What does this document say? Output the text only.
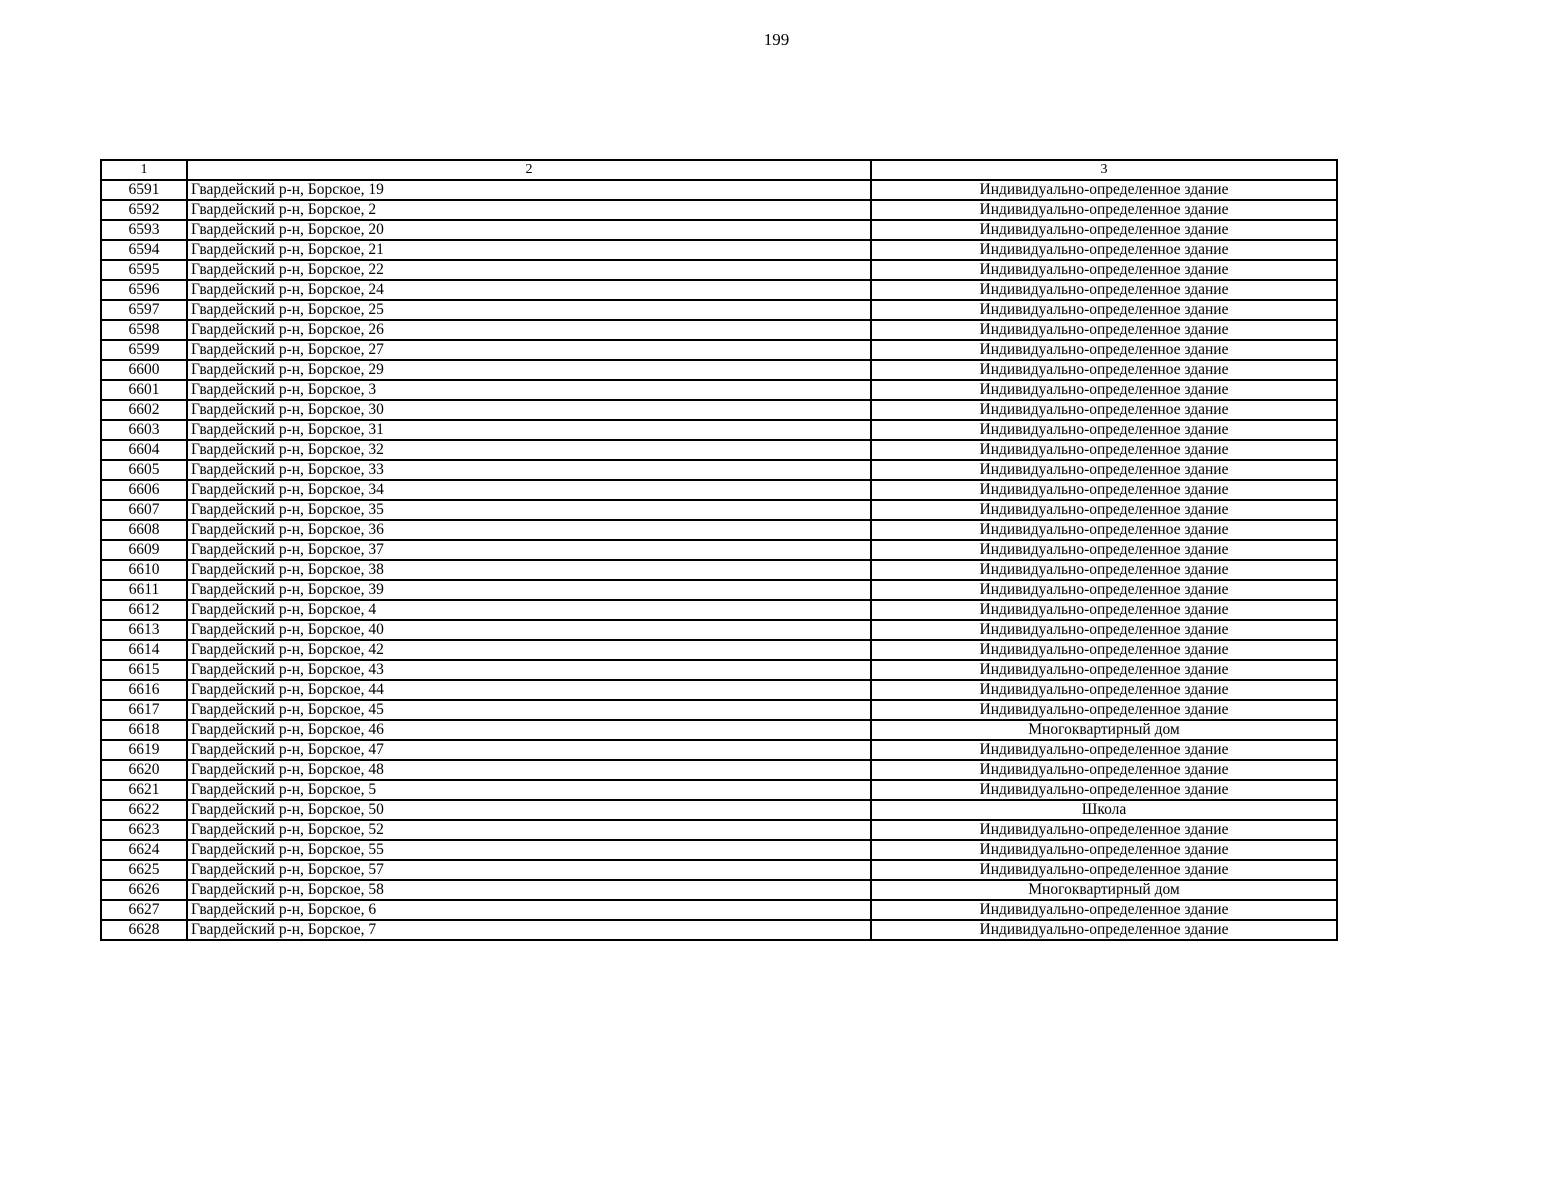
199
1	2	3
6591	Гвардейский р-н, Борское, 19	Индивидуально-определенное здание
6592	Гвардейский р-н, Борское, 2	Индивидуально-определенное здание
6593	Гвардейский р-н, Борское, 20	Индивидуально-определенное здание
6594	Гвардейский р-н, Борское, 21	Индивидуально-определенное здание
6595	Гвардейский р-н, Борское, 22	Индивидуально-определенное здание
6596	Гвардейский р-н, Борское, 24	Индивидуально-определенное здание
6597	Гвардейский р-н, Борское, 25	Индивидуально-определенное здание
6598	Гвардейский р-н, Борское, 26	Индивидуально-определенное здание
6599	Гвардейский р-н, Борское, 27	Индивидуально-определенное здание
6600	Гвардейский р-н, Борское, 29	Индивидуально-определенное здание
6601	Гвардейский р-н, Борское, 3	Индивидуально-определенное здание
6602	Гвардейский р-н, Борское, 30	Индивидуально-определенное здание
6603	Гвардейский р-н, Борское, 31	Индивидуально-определенное здание
6604	Гвардейский р-н, Борское, 32	Индивидуально-определенное здание
6605	Гвардейский р-н, Борское, 33	Индивидуально-определенное здание
6606	Гвардейский р-н, Борское, 34	Индивидуально-определенное здание
6607	Гвардейский р-н, Борское, 35	Индивидуально-определенное здание
6608	Гвардейский р-н, Борское, 36	Индивидуально-определенное здание
6609	Гвардейский р-н, Борское, 37	Индивидуально-определенное здание
6610	Гвардейский р-н, Борское, 38	Индивидуально-определенное здание
6611	Гвардейский р-н, Борское, 39	Индивидуально-определенное здание
6612	Гвардейский р-н, Борское, 4	Индивидуально-определенное здание
6613	Гвардейский р-н, Борское, 40	Индивидуально-определенное здание
6614	Гвардейский р-н, Борское, 42	Индивидуально-определенное здание
6615	Гвардейский р-н, Борское, 43	Индивидуально-определенное здание
6616	Гвардейский р-н, Борское, 44	Индивидуально-определенное здание
6617	Гвардейский р-н, Борское, 45	Индивидуально-определенное здание
6618	Гвардейский р-н, Борское, 46	Многоквартирный дом
6619	Гвардейский р-н, Борское, 47	Индивидуально-определенное здание
6620	Гвардейский р-н, Борское, 48	Индивидуально-определенное здание
6621	Гвардейский р-н, Борское, 5	Индивидуально-определенное здание
6622	Гвардейский р-н, Борское, 50	Школа
6623	Гвардейский р-н, Борское, 52	Индивидуально-определенное здание
6624	Гвардейский р-н, Борское, 55	Индивидуально-определенное здание
6625	Гвардейский р-н, Борское, 57	Индивидуально-определенное здание
6626	Гвардейский р-н, Борское, 58	Многоквартирный дом
6627	Гвардейский р-н, Борское, 6	Индивидуально-определенное здание
6628	Гвардейский р-н, Борское, 7	Индивидуально-определенное здание
